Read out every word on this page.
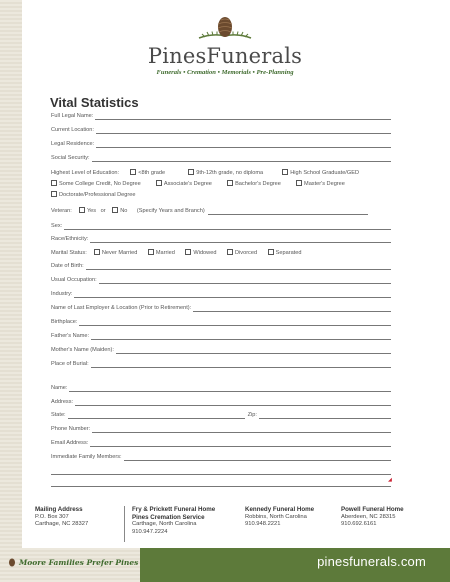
PinesFunerals
Funerals • Cremation • Memorials • Pre-Planning
Vital Statistics
Full Legal Name:
Current Location:
Legal Residence:
Social Security:
Highest Level of Education:	<8th grade	9th-12th grade, no diploma	High School Graduate/GED
Some College Credit, No Degree	Associate's Degree	Bachelor's Degree	Master's Degree
Doctorate/Professional Degree
Veteran:	Yes or	No (Specify Years and Branch)
Sex:
Race/Ethnicity:
Marital Status:	Never Married	Married	Widowed	Divorced	Separated
Date of Birth:
Usual Occupation:
Industry:
Name of Last Employer & Location (Prior to Retirement):
Birthplace:
Father's Name:
Mother's Name (Maiden):
Place of Burial:
Name:
Address:
State:	Zip:
Phone Number:
Email Address:
Immediate Family Members:
◢
Mailing Address
P.O. Box 307
Carthage, NC 28327
Fry & Prickett Funeral Home
Pines Cremation Service
Carthage, North Carolina
910.947.2224
Kennedy Funeral Home
Robbins, North Carolina
910.948.2221
Powell Funeral Home
Aberdeen, NC 28315
910.692.6161
Moore Families Prefer Pines	pinesfunerals.com
